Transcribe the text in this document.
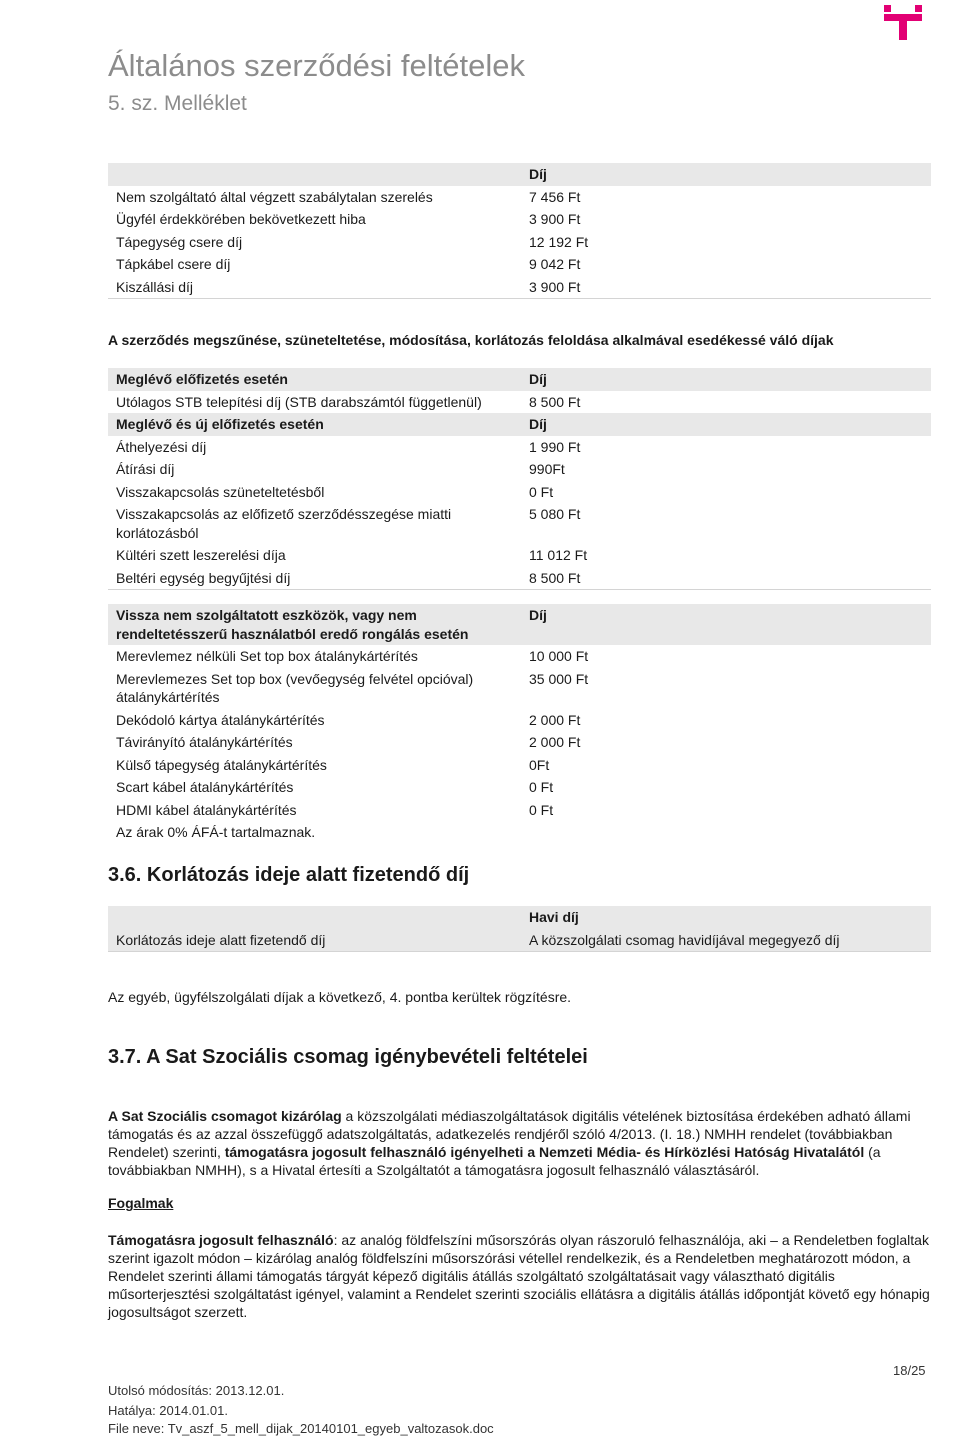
Általános szerződési feltételek
5. sz. Melléklet
	Díj
Nem szolgáltató által végzett szabálytalan szerelés	7 456 Ft
Ügyfél érdekkörében bekövetkezett hiba	3 900 Ft
Tápegység csere díj	12 192 Ft
Tápkábel csere díj	9 042 Ft
Kiszállási díj	3 900 Ft
A szerződés megszűnése, szüneteltetése, módosítása, korlátozás feloldása alkalmával esedékessé váló díjak
Meglévő előfizetés esetén	Díj
Utólagos STB telepítési díj (STB darabszámtól függetlenül)	8 500 Ft
Meglévő és új előfizetés esetén	Díj
Áthelyezési díj	1 990 Ft
Átírási díj	990Ft
Visszakapcsolás szüneteltetésből	0 Ft
Visszakapcsolás az előfizető szerződésszegése miatti korlátozásból	5 080 Ft
Kültéri szett leszerelési díja	11 012 Ft
Beltéri egység begyűjtési díj	8 500 Ft
Vissza nem szolgáltatott eszközök, vagy nem rendeltetésszerű használatból eredő rongálás esetén	Díj
Merevlemez nélküli Set top box átalánykártérítés	10 000 Ft
Merevlemezes Set top box (vevőegység felvétel opcióval) átalánykártérítés	35 000 Ft
Dekódoló kártya átalánykártérítés	2 000 Ft
Távirányító átalánykártérítés	2 000 Ft
Külső tápegység átalánykártérítés	0Ft
Scart kábel átalánykártérítés	0 Ft
HDMI kábel átalánykártérítés	0 Ft
Az árak 0% ÁFÁ-t tartalmaznak.	
3.6. Korlátozás ideje alatt fizetendő díj
	Havi díj
Korlátozás ideje alatt fizetendő díj	A közszolgálati csomag havidíjával megegyező díj
Az egyéb, ügyfélszolgálati díjak a következő, 4. pontba kerültek rögzítésre.
3.7. A Sat Szociális csomag igénybevételi feltételei
A Sat Szociális csomagot kizárólag a közszolgálati médiaszolgáltatások digitális vételének biztosítása érdekében adható állami támogatás és az azzal összefüggő adatszolgáltatás, adatkezelés rendjéről szóló 4/2013. (I. 18.) NMHH rendelet (továbbiakban Rendelet) szerinti, támogatásra jogosult felhasználó igényelheti a Nemzeti Média- és Hírközlési Hatóság Hivatalától (a továbbiakban NMHH), s a Hivatal értesíti a Szolgáltatót a támogatásra jogosult felhasználó választásáról.
Fogalmak
Támogatásra jogosult felhasználó: az analóg földfelszíni műsorszórás olyan rászoruló felhasználója, aki – a Rendeletben foglaltak szerint igazolt módon – kizárólag analóg földfelszíni műsorszórási vétellel rendelkezik, és a Rendeletben meghatározott módon, a Rendelet szerinti állami támogatás tárgyát képező digitális átállás szolgáltató szolgáltatásait vagy választható digitális műsorterjesztési szolgáltatást igényel, valamint a Rendelet szerinti szociális ellátásra a digitális átállás időpontját követő egy hónapig jogosultságot szerzett.
18/25
Utolsó módosítás: 2013.12.01.
Hatálya: 2014.01.01.
File neve: Tv_aszf_5_mell_dijak_20140101_egyeb_valtozasok.doc
